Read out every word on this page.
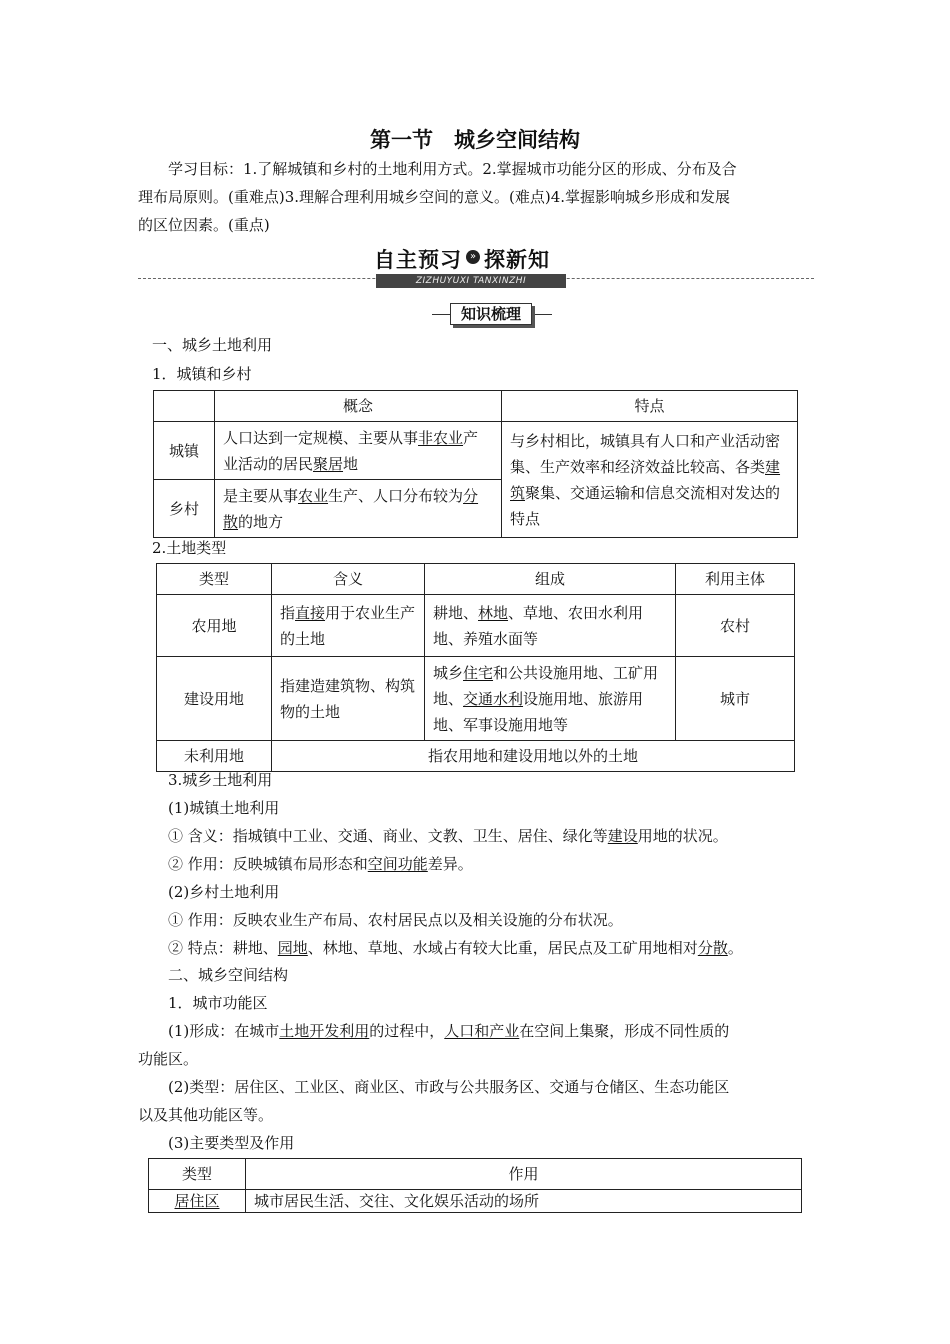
第一节　城乡空间结构
学习目标：1.了解城镇和乡村的土地利用方式。2.掌握城市功能分区的形成、分布及合
理布局原则。(重难点)3.理解合理利用城乡空间的意义。(难点)4.掌握影响城乡形成和发展
的区位因素。(重点)
自主预习 » 探新知
ZIZHUYUXI TANXINZHI
知识梳理
一、城乡土地利用
1．城镇和乡村
	概念	特点
城镇	人口达到一定规模、主要从事非农业产业活动的居民聚居地	与乡村相比，城镇具有人口和产业活动密集、生产效率和经济效益比较高、各类建筑聚集、交通运输和信息交流相对发达的特点
乡村	是主要从事农业生产、人口分布较为分散的地方	
2.土地类型
类型	含义	组成	利用主体
农用地	指直接用于农业生产的土地	耕地、林地、草地、农田水利用地、养殖水面等	农村
建设用地	指建造建筑物、构筑物的土地	城乡住宅和公共设施用地、工矿用地、交通水利设施用地、旅游用地、军事设施用地等	城市
未利用地	指农用地和建设用地以外的土地		
3.城乡土地利用
(1)城镇土地利用
① 含义：指城镇中工业、交通、商业、文教、卫生、居住、绿化等建设用地的状况。
② 作用：反映城镇布局形态和空间功能差异。
(2)乡村土地利用
① 作用：反映农业生产布局、农村居民点以及相关设施的分布状况。
② 特点：耕地、园地、林地、草地、水域占有较大比重，居民点及工矿用地相对分散。
二、城乡空间结构
1．城市功能区
(1)形成：在城市土地开发利用的过程中，人口和产业在空间上集聚，形成不同性质的
功能区。
(2)类型：居住区、工业区、商业区、市政与公共服务区、交通与仓储区、生态功能区
以及其他功能区等。
(3)主要类型及作用
类型	作用
居住区	城市居民生活、交往、文化娱乐活动的场所
